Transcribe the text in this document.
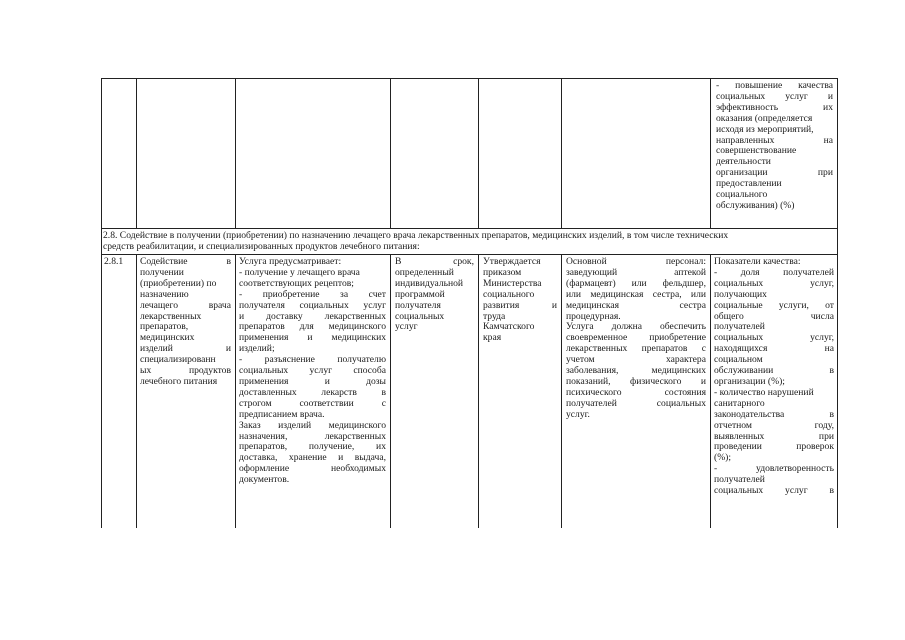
- повышение качества
социальных услуг и
эффективность их
оказания (определяется
исходя из мероприятий,
направленных на
совершенствование
деятельности
организации при
предоставлении
социального
обслуживания) (%)
2.8. Содействие в получении (приобретении) по назначению лечащего врача лекарственных препаратов, медицинских изделий, в том числе технических
средств реабилитации, и специализированных продуктов лечебного питания:
2.8.1	Содействие в
получении
(приобретении) по
назначению
лечащего врача
лекарственных
препаратов,
медицинских
изделий и
специализированн
ых продуктов
лечебного питания
Услуга предусматривает:
- получение у лечащего врача
соответствующих рецептов;
- приобретение за счет
получателя социальных услуг
и доставку лекарственных
препаратов для медицинского
применения и медицинских
изделий;
- разъяснение получателю
социальных услуг способа
применения и дозы
доставленных лекарств в
строгом соответствии с
предписанием врача.
Заказ изделий медицинского
назначения, лекарственных
препаратов, получение, их
доставка, хранение и выдача,
оформление необходимых
документов.
В срок,
определенный
индивидуальной
программой
получателя
социальных
услуг
Утверждается
приказом
Министерства
социального
развития и
труда
Камчатского
края
Основной персонал:
заведующий аптекой
(фармацевт) или фельдшер,
или медицинская сестра, или
медицинская сестра
процедурная.
Услуга должна обеспечить
своевременное приобретение
лекарственных препаратов с
учетом характера
заболевания, медицинских
показаний, физического и
психического состояния
получателей социальных
услуг.
Показатели качества:
- доля получателей
социальных услуг,
получающих
социальные услуги, от
общего числа
получателей
социальных услуг,
находящихся на
социальном
обслуживании в
организации (%);
- количество нарушений
санитарного
законодательства в
отчетном году,
выявленных при
проведении проверок
(%);
- удовлетворенность
получателей
социальных услуг в
